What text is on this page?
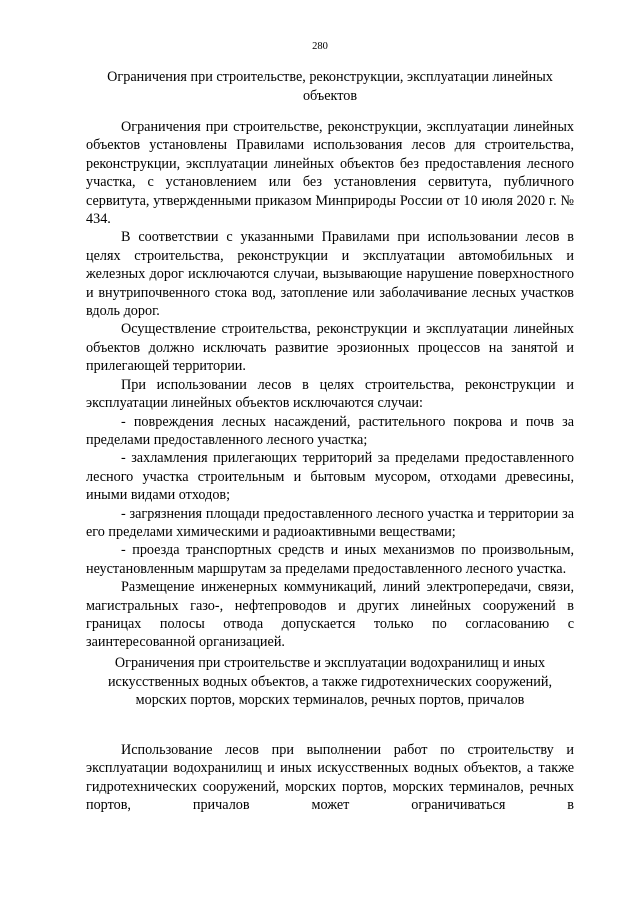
280
Ограничения при строительстве, реконструкции, эксплуатации линейных объектов

Ограничения при строительстве, реконструкции, эксплуатации линейных объектов установлены Правилами использования лесов для строительства, реконструкции, эксплуатации линейных объектов без предоставления лесного участка, с установлением или без установления сервитута, публичного сервитута, утвержденными приказом Минприроды России от 10 июля 2020 г. № 434.

В соответствии с указанными Правилами при использовании лесов в целях строительства, реконструкции и эксплуатации автомобильных и железных дорог исключаются случаи, вызывающие нарушение поверхностного и внутрипочвенного стока вод, затопление или заболачивание лесных участков вдоль дорог.

Осуществление строительства, реконструкции и эксплуатации линейных объектов должно исключать развитие эрозионных процессов на занятой и прилегающей территории.

При использовании лесов в целях строительства, реконструкции и эксплуатации линейных объектов исключаются случаи:

- повреждения лесных насаждений, растительного покрова и почв за пределами предоставленного лесного участка;

- захламления прилегающих территорий за пределами предоставленного лесного участка строительным и бытовым мусором, отходами древесины, иными видами отходов;

- загрязнения площади предоставленного лесного участка и территории за его пределами химическими и радиоактивными веществами;

- проезда транспортных средств и иных механизмов по произвольным, неустановленным маршрутам за пределами предоставленного лесного участка.

Размещение инженерных коммуникаций, линий электропередачи, связи, магистральных газо-, нефтепроводов и других линейных сооружений в границах полосы отвода допускается только по согласованию с заинтересованной организацией.

Ограничения при строительстве и эксплуатации водохранилищ и иных искусственных водных объектов, а также гидротехнических сооружений, морских портов, морских терминалов, речных портов, причалов

Использование лесов при выполнении работ по строительству и эксплуатации водохранилищ и иных искусственных водных объектов, а также гидротехнических сооружений, морских портов, морских терминалов, речных портов, причалов может ограничиваться в
